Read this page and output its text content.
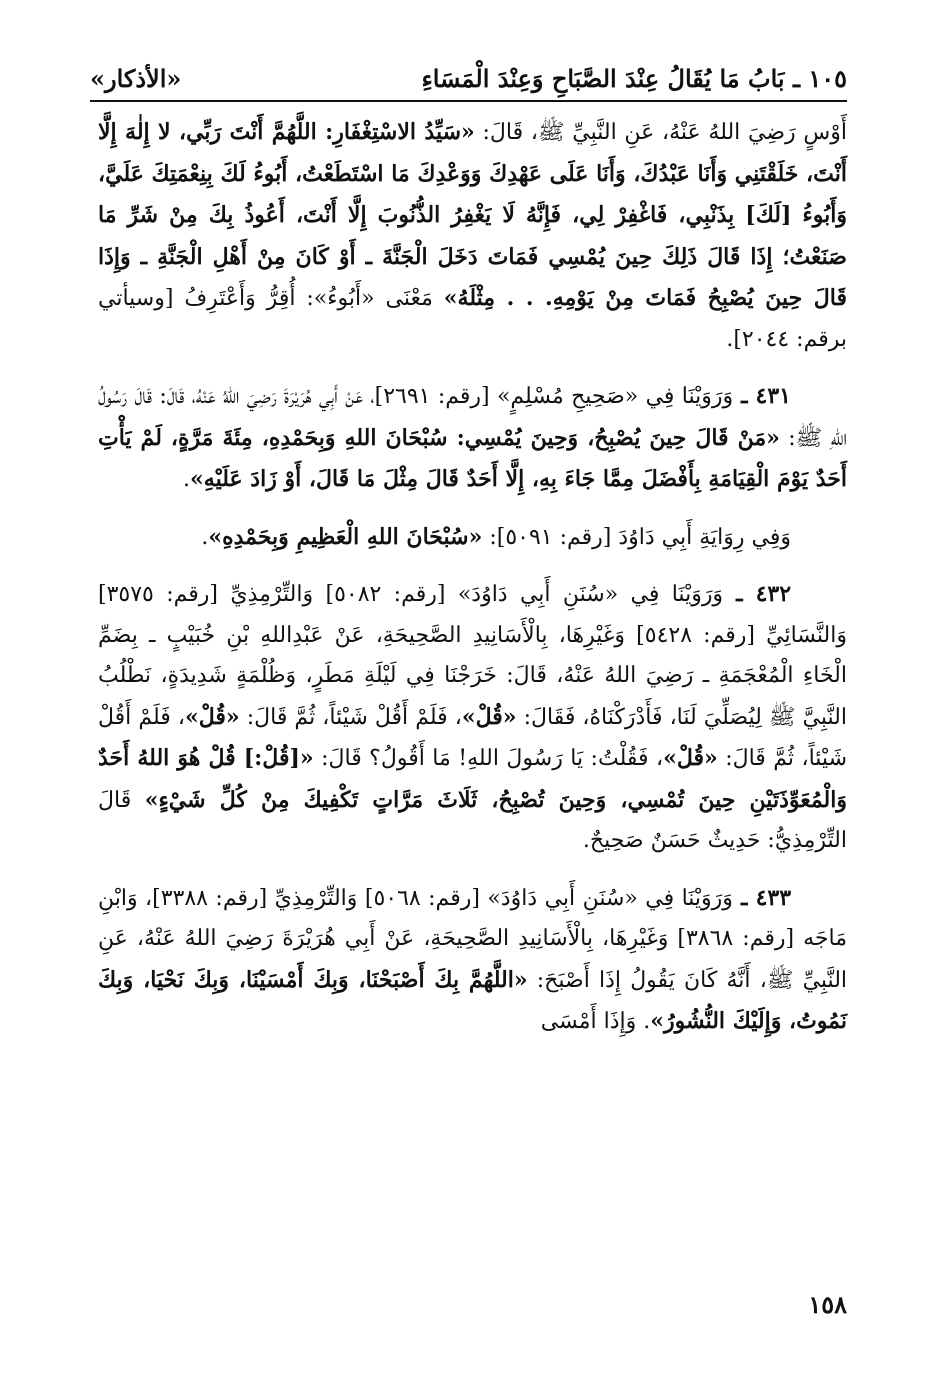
١٠٥ ـ بَابُ مَا يُقَالُ عِنْدَ الصَّبَاحِ وَعِنْدَ الْمَسَاءِ
«الأذكار»

أَوْسٍ رَضِيَ اللهُ عَنْهُ، عَنِ النَّبِيِّ ﷺ، قَالَ: «سَيِّدُ الاسْتِغْفَارِ: اللَّهُمَّ أَنْتَ رَبِّي، لا إِلٰهَ إِلَّا أَنْتَ، خَلَقْتَنِي وَأَنَا عَبْدُكَ، وَأَنَا عَلَى عَهْدِكَ وَوَعْدِكَ مَا اسْتَطَعْتُ، أَبُوءُ لَكَ بِنِعْمَتِكَ عَلَيَّ، وَأَبُوءُ [لَكَ] بِذَنْبِي، فَاغْفِرْ لِي، فَإِنَّهُ لَا يَغْفِرُ الذُّنُوبَ إِلَّا أَنْتَ، أَعُوذُ بِكَ مِنْ شَرِّ مَا صَنَعْتُ؛ إِذَا قَالَ ذَلِكَ حِينَ يُمْسِي فَمَاتَ دَخَلَ الْجَنَّةَ ـ أَوْ كَانَ مِنْ أَهْلِ الْجَنَّةِ ـ وَإِذَا قَالَ حِينَ يُصْبِحُ فَمَاتَ مِنْ يَوْمِهِ. . . مِثْلَهُ» مَعْنَى «أَبُوءُ»: أُقِرُّ وَأَعْتَرِفُ [وسيأتي برقم: ٢٠٤٤].

٤٣١ ـ وَرَوَيْنَا فِي «صَحِيحِ مُسْلِمٍ» [رقم: ٢٦٩١]، عَنْ أَبِي هُرَيْرَةَ رَضِيَ اللهُ عَنْهُ، قَالَ: قَالَ رَسُولُ اللهِ ﷺ: «مَنْ قَالَ حِينَ يُصْبِحُ، وَحِينَ يُمْسِي: سُبْحَانَ اللهِ وَبِحَمْدِهِ، مِئَةَ مَرَّةٍ، لَمْ يَأْتِ أَحَدٌ يَوْمَ الْقِيَامَةِ بِأَفْضَلَ مِمَّا جَاءَ بِهِ، إِلَّا أَحَدٌ قَالَ مِثْلَ مَا قَالَ، أَوْ زَادَ عَلَيْهِ».

وَفِي رِوَايَةِ أَبِي دَاوُدَ [رقم: ٥٠٩١]: «سُبْحَانَ اللهِ الْعَظِيمِ وَبِحَمْدِهِ».

٤٣٢ ـ وَرَوَيْنَا فِي «سُنَنِ أَبِي دَاوُدَ» [رقم: ٥٠٨٢] وَالتِّرْمِذِيِّ [رقم: ٣٥٧٥] وَالنَّسَائِيِّ [رقم: ٥٤٢٨] وَغَيْرِهَا، بِالْأَسَانِيدِ الصَّحِيحَةِ، عَنْ عَبْدِاللهِ بْنِ خُبَيْبٍ ـ بِضَمِّ الْخَاءِ الْمُعْجَمَةِ ـ رَضِيَ اللهُ عَنْهُ، قَالَ: خَرَجْنَا فِي لَيْلَةِ مَطَرٍ، وَظُلْمَةٍ شَدِيدَةٍ، نَطْلُبُ النَّبِيَّ ﷺ لِيُصَلِّيَ لَنَا، فَأَدْرَكْنَاهُ، فَقَالَ: «قُلْ»، فَلَمْ أَقُلْ شَيْئاً، ثُمَّ قَالَ: «قُلْ»، فَلَمْ أَقُلْ شَيْئاً، ثُمَّ قَالَ: «قُلْ»، فَقُلْتُ: يَا رَسُولَ اللهِ! مَا أَقُولُ؟ قَالَ: «[قُلْ:] قُلْ هُوَ اللهُ أَحَدٌ وَالْمُعَوِّذَتَيْنِ حِينَ تُمْسِي، وَحِينَ تُصْبِحُ، ثَلَاثَ مَرَّاتٍ تَكْفِيكَ مِنْ كُلِّ شَيْءٍ» قَالَ التِّرْمِذِيُّ: حَدِيثٌ حَسَنٌ صَحِيحٌ.

٤٣٣ ـ وَرَوَيْنَا فِي «سُنَنِ أَبِي دَاوُدَ» [رقم: ٥٠٦٨] وَالتِّرْمِذِيِّ [رقم: ٣٣٨٨]، وَابْنِ مَاجَه [رقم: ٣٨٦٨] وَغَيْرِهَا، بِالْأَسَانِيدِ الصَّحِيحَةِ، عَنْ أَبِي هُرَيْرَةَ رَضِيَ اللهُ عَنْهُ، عَنِ النَّبِيِّ ﷺ، أَنَّهُ كَانَ يَقُولُ إِذَا أَصْبَحَ: «اللَّهُمَّ بِكَ أَصْبَحْنَا، وَبِكَ أَمْسَيْنَا، وَبِكَ نَحْيَا، وَبِكَ نَمُوتُ، وَإِلَيْكَ النُّشُورُ». وَإِذَا أَمْسَى

١٥٨
